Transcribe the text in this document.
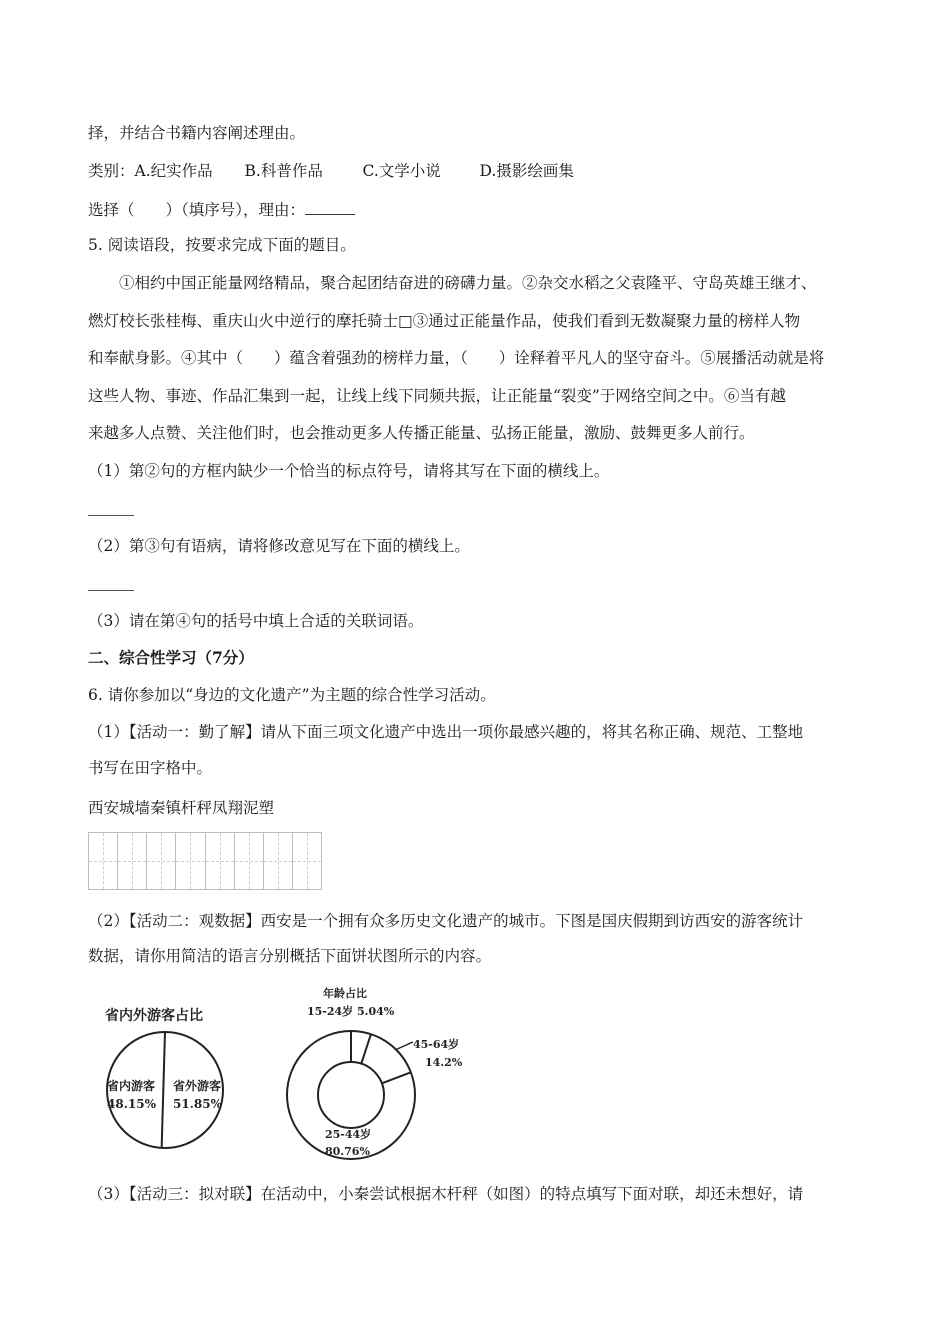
择，并结合书籍内容阐述理由。
类别：A.纪实作品 B.科普作品	C.文学小说	D.摄影绘画集
选择（　　）（填序号），理由：
5. 阅读语段，按要求完成下面的题目。
①相约中国正能量网络精品，聚合起团结奋进的磅礴力量。②杂交水稻之父袁隆平、守岛英雄王继才、
燃灯校长张桂梅、重庆山火中逆行的摩托骑士□③通过正能量作品，使我们看到无数凝聚力量的榜样人物
和奉献身影。④其中（　　）蕴含着强劲的榜样力量，（　　）诠释着平凡人的坚守奋斗。⑤展播活动就是将
这些人物、事迹、作品汇集到一起，让线上线下同频共振，让正能量“裂变”于网络空间之中。⑥当有越
来越多人点赞、关注他们时，也会推动更多人传播正能量、弘扬正能量，激励、鼓舞更多人前行。
（1）第②句的方框内缺少一个恰当的标点符号，请将其写在下面的横线上。
（2）第③句有语病，请将修改意见写在下面的横线上。
（3）请在第④句的括号中填上合适的关联词语。
二、综合性学习（7分）
6. 请你参加以“身边的文化遗产”为主题的综合性学习活动。
（1）【活动一：勤了解】请从下面三项文化遗产中选出一项你最感兴趣的，将其名称正确、规范、工整地
书写在田字格中。
西安城墙秦镇杆秤凤翔泥塑
（2）【活动二：观数据】西安是一个拥有众多历史文化遗产的城市。下图是国庆假期到访西安的游客统计
数据，请你用简洁的语言分别概括下面饼状图所示的内容。
省内外游客占比
省内游客
48.15%
省外游客
51.85%
年龄占比
15-24岁 5.04%
45-64岁
14.2%
25-44岁
80.76%
（3）【活动三：拟对联】在活动中，小秦尝试根据木杆秤（如图）的特点填写下面对联，却还未想好，请
